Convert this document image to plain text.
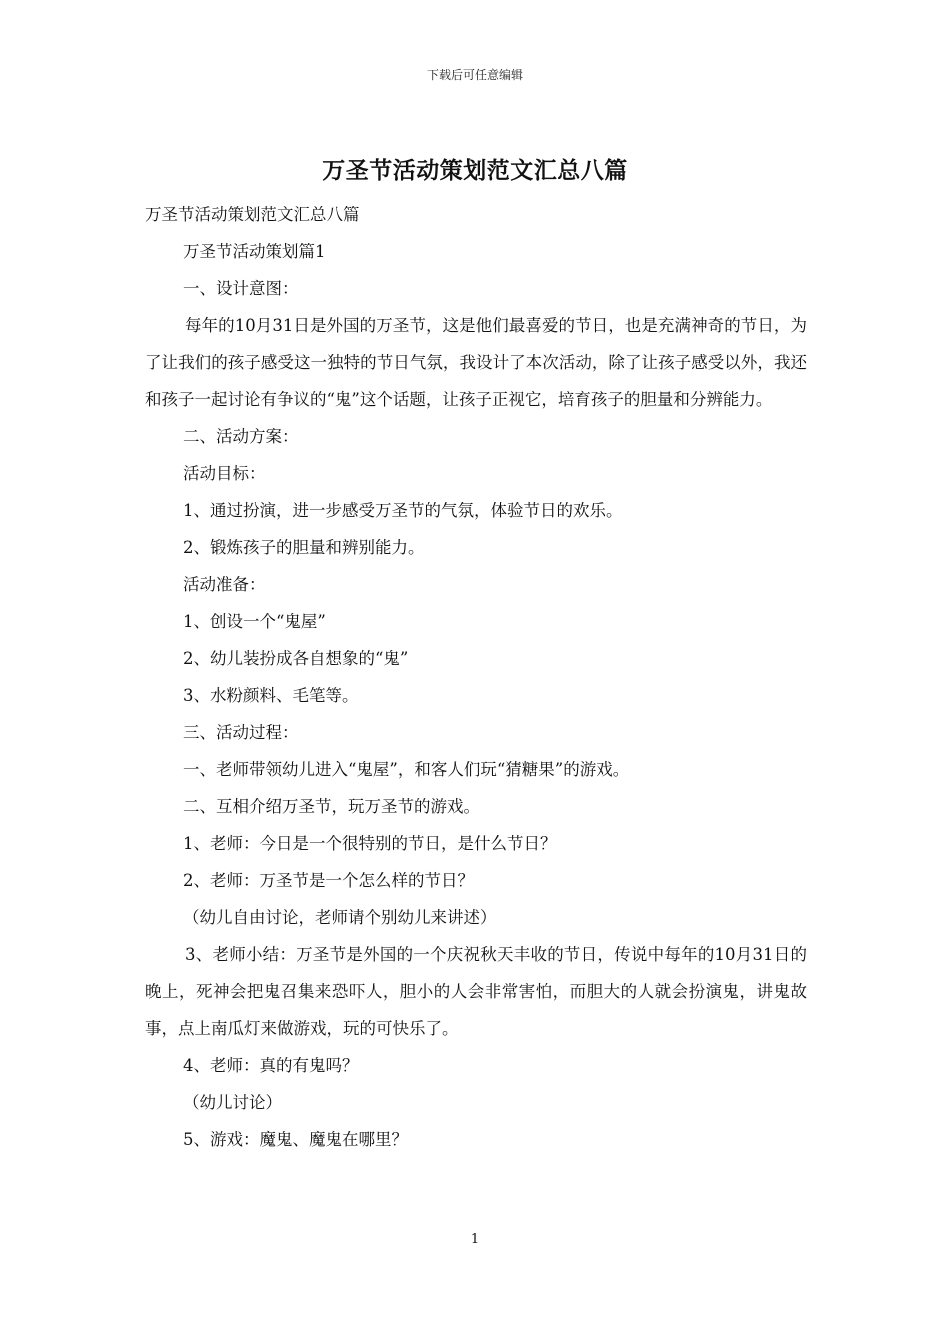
下载后可任意编辑
万圣节活动策划范文汇总八篇

万圣节活动策划范文汇总八篇

万圣节活动策划篇1

一、设计意图：

每年的10月31日是外国的万圣节，这是他们最喜爱的节日，也是充满神奇的节日，为了让我们的孩子感受这一独特的节日气氛，我设计了本次活动，除了让孩子感受以外，我还和孩子一起讨论有争议的“鬼”这个话题，让孩子正视它，培育孩子的胆量和分辨能力。

二、活动方案：

活动目标：

1、通过扮演，进一步感受万圣节的气氛，体验节日的欢乐。

2、锻炼孩子的胆量和辨别能力。

活动准备：

1、创设一个“鬼屋”

2、幼儿装扮成各自想象的“鬼”

3、水粉颜料、毛笔等。

三、活动过程：

一、老师带领幼儿进入“鬼屋”，和客人们玩“猜糖果”的游戏。

二、互相介绍万圣节，玩万圣节的游戏。

1、老师：今日是一个很特别的节日，是什么节日？

2、老师：万圣节是一个怎么样的节日？

（幼儿自由讨论，老师请个别幼儿来讲述）

3、老师小结：万圣节是外国的一个庆祝秋天丰收的节日，传说中每年的10月31日的晚上，死神会把鬼召集来恐吓人，胆小的人会非常害怕，而胆大的人就会扮演鬼，讲鬼故事，点上南瓜灯来做游戏，玩的可快乐了。

4、老师：真的有鬼吗？

（幼儿讨论）

5、游戏：魔鬼、魔鬼在哪里？

1
